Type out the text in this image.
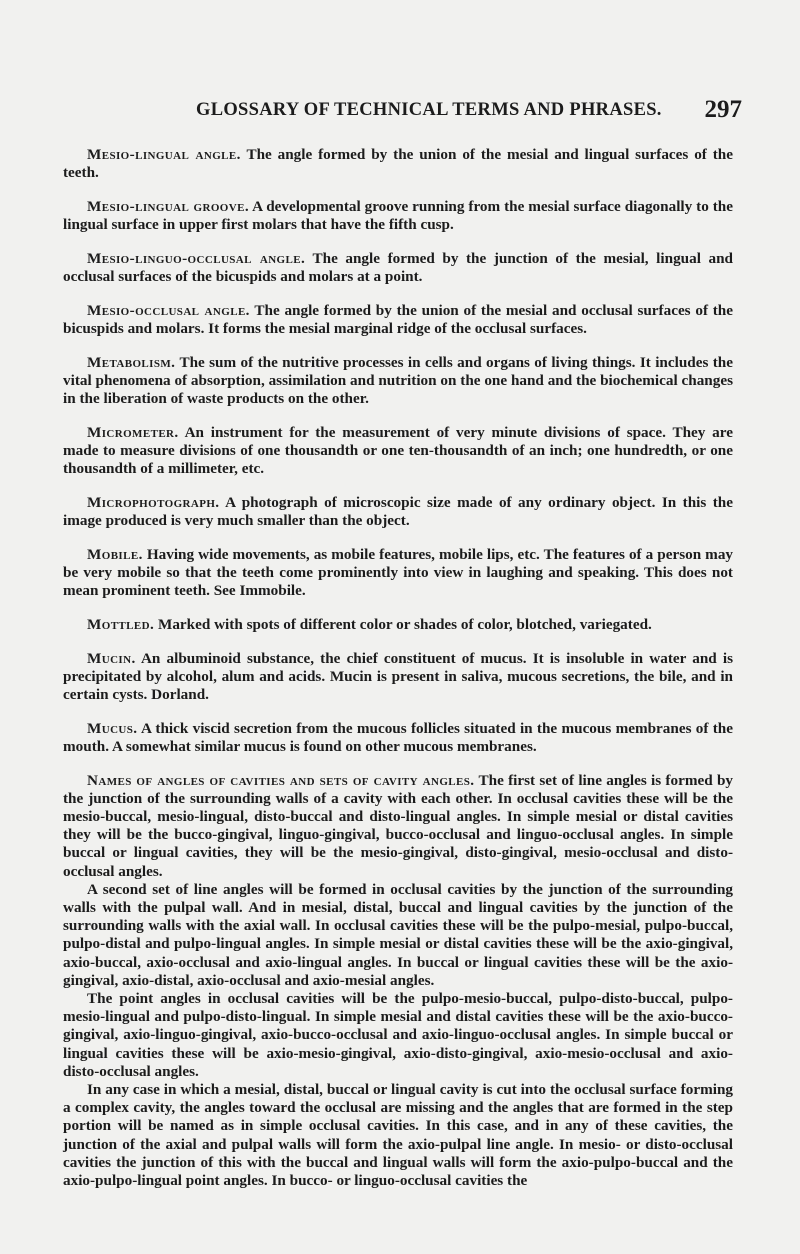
GLOSSARY OF TECHNICAL TERMS AND PHRASES.	297

Mesio-lingual angle. The angle formed by the union of the mesial and lingual surfaces of the teeth.

Mesio-lingual groove. A developmental groove running from the mesial surface diagonally to the lingual surface in upper first molars that have the fifth cusp.

Mesio-linguo-occlusal angle. The angle formed by the junction of the mesial, lingual and occlusal surfaces of the bicuspids and molars at a point.

Mesio-occlusal angle. The angle formed by the union of the mesial and occlusal surfaces of the bicuspids and molars. It forms the mesial marginal ridge of the occlusal surfaces.

Metabolism. The sum of the nutritive processes in cells and organs of living things. It includes the vital phenomena of absorption, assimilation and nutrition on the one hand and the biochemical changes in the liberation of waste products on the other.

Micrometer. An instrument for the measurement of very minute divisions of space. They are made to measure divisions of one thousandth or one ten-thousandth of an inch; one hundredth, or one thousandth of a millimeter, etc.

Microphotograph. A photograph of microscopic size made of any ordinary object. In this the image produced is very much smaller than the object.

Mobile. Having wide movements, as mobile features, mobile lips, etc. The features of a person may be very mobile so that the teeth come prominently into view in laughing and speaking. This does not mean prominent teeth. See Immobile.

Mottled. Marked with spots of different color or shades of color, blotched, variegated.

Mucin. An albuminoid substance, the chief constituent of mucus. It is insoluble in water and is precipitated by alcohol, alum and acids. Mucin is present in saliva, mucous secretions, the bile, and in certain cysts. Dorland.

Mucus. A thick viscid secretion from the mucous follicles situated in the mucous membranes of the mouth. A somewhat similar mucus is found on other mucous membranes.

Names of angles of cavities and sets of cavity angles. The first set of line angles is formed by the junction of the surrounding walls of a cavity with each other. In occlusal cavities these will be the mesio-buccal, mesio-lingual, disto-buccal and disto-lingual angles. In simple mesial or distal cavities they will be the bucco-gingival, linguo-gingival, bucco-occlusal and linguo-occlusal angles. In simple buccal or lingual cavities, they will be the mesio-gingival, disto-gingival, mesio-occlusal and disto-occlusal angles.

A second set of line angles will be formed in occlusal cavities by the junction of the surrounding walls with the pulpal wall. And in mesial, distal, buccal and lingual cavities by the junction of the surrounding walls with the axial wall. In occlusal cavities these will be the pulpo-mesial, pulpo-buccal, pulpo-distal and pulpo-lingual angles. In simple mesial or distal cavities these will be the axio-gingival, axio-buccal, axio-occlusal and axio-lingual angles. In buccal or lingual cavities these will be the axio-gingival, axio-distal, axio-occlusal and axio-mesial angles.

The point angles in occlusal cavities will be the pulpo-mesio-buccal, pulpo-disto-buccal, pulpo-mesio-lingual and pulpo-disto-lingual. In simple mesial and distal cavities these will be the axio-bucco-gingival, axio-linguo-gingival, axio-bucco-occlusal and axio-linguo-occlusal angles. In simple buccal or lingual cavities these will be axio-mesio-gingival, axio-disto-gingival, axio-mesio-occlusal and axio-disto-occlusal angles.

In any case in which a mesial, distal, buccal or lingual cavity is cut into the occlusal surface forming a complex cavity, the angles toward the occlusal are missing and the angles that are formed in the step portion will be named as in simple occlusal cavities. In this case, and in any of these cavities, the junction of the axial and pulpal walls will form the axio-pulpal line angle. In mesio- or disto-occlusal cavities the junction of this with the buccal and lingual walls will form the axio-pulpo-buccal and the axio-pulpo-lingual point angles. In bucco- or linguo-occlusal cavities the
